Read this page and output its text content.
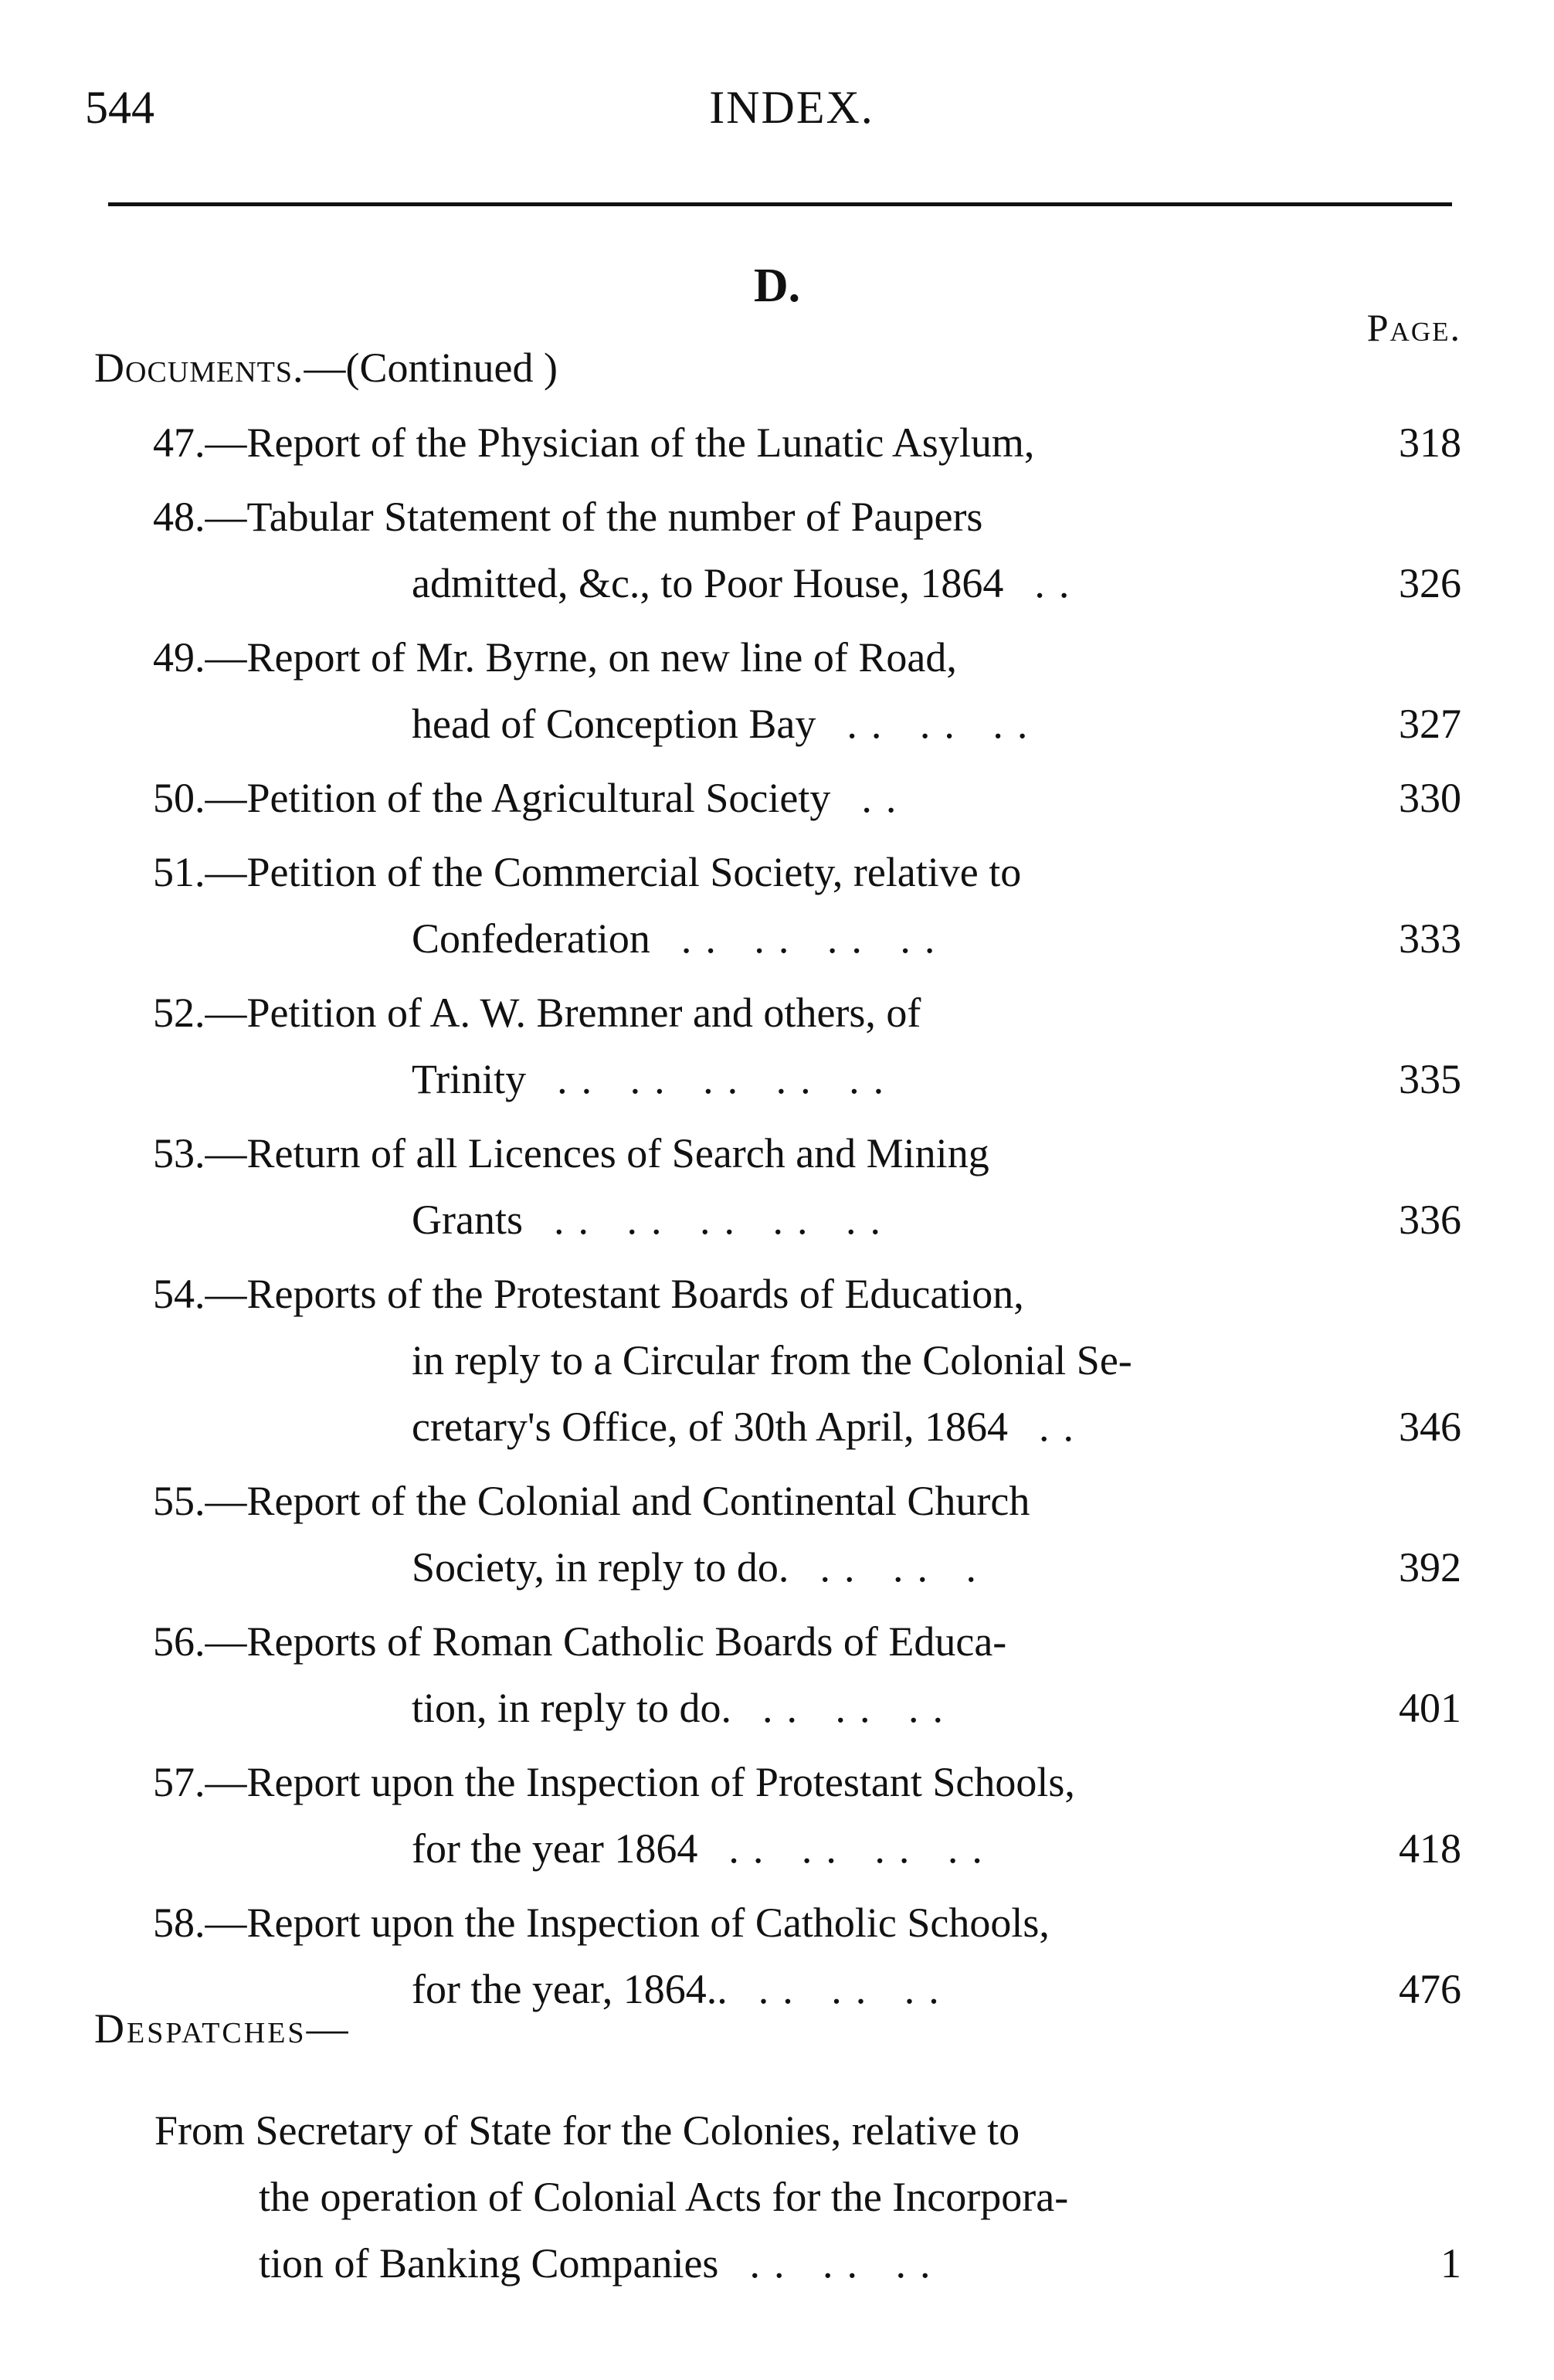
544	INDEX.
D.
Page.
Documents.—(Continued )
47.—Report of the Physician of the Lunatic Asylum,	318
48.—Tabular Statement of the number of Paupers
admitted, &c., to Poor House, 1864 ..	326
49.—Report of Mr. Byrne, on new line of Road,
head of Conception Bay .. .. ..	327
50.—Petition of the Agricultural Society ..	330
51.—Petition of the Commercial Society, relative to
Confederation .. .. .. ..	333
52.—Petition of A. W. Bremner and others, of
Trinity .. .. .. .. ..	335
53.—Return of all Licences of Search and Mining
Grants .. .. .. .. ..	336
54.—Reports of the Protestant Boards of Education,
in reply to a Circular from the Colonial Se-
cretary's Office, of 30th April, 1864 ..	346
55.—Report of the Colonial and Continental Church
Society, in reply to do. .. .. .	392
56.—Reports of Roman Catholic Boards of Educa-
tion, in reply to do. .. .. ..	401
57.—Report upon the Inspection of Protestant Schools,
for the year 1864 .. .. .. ..	418
58.—Report upon the Inspection of Catholic Schools,
for the year, 1864.. .. .. ..	476
Despatches—
From Secretary of State for the Colonies, relative to
the operation of Colonial Acts for the Incorpora-
tion of Banking Companies .. .. ..	1
